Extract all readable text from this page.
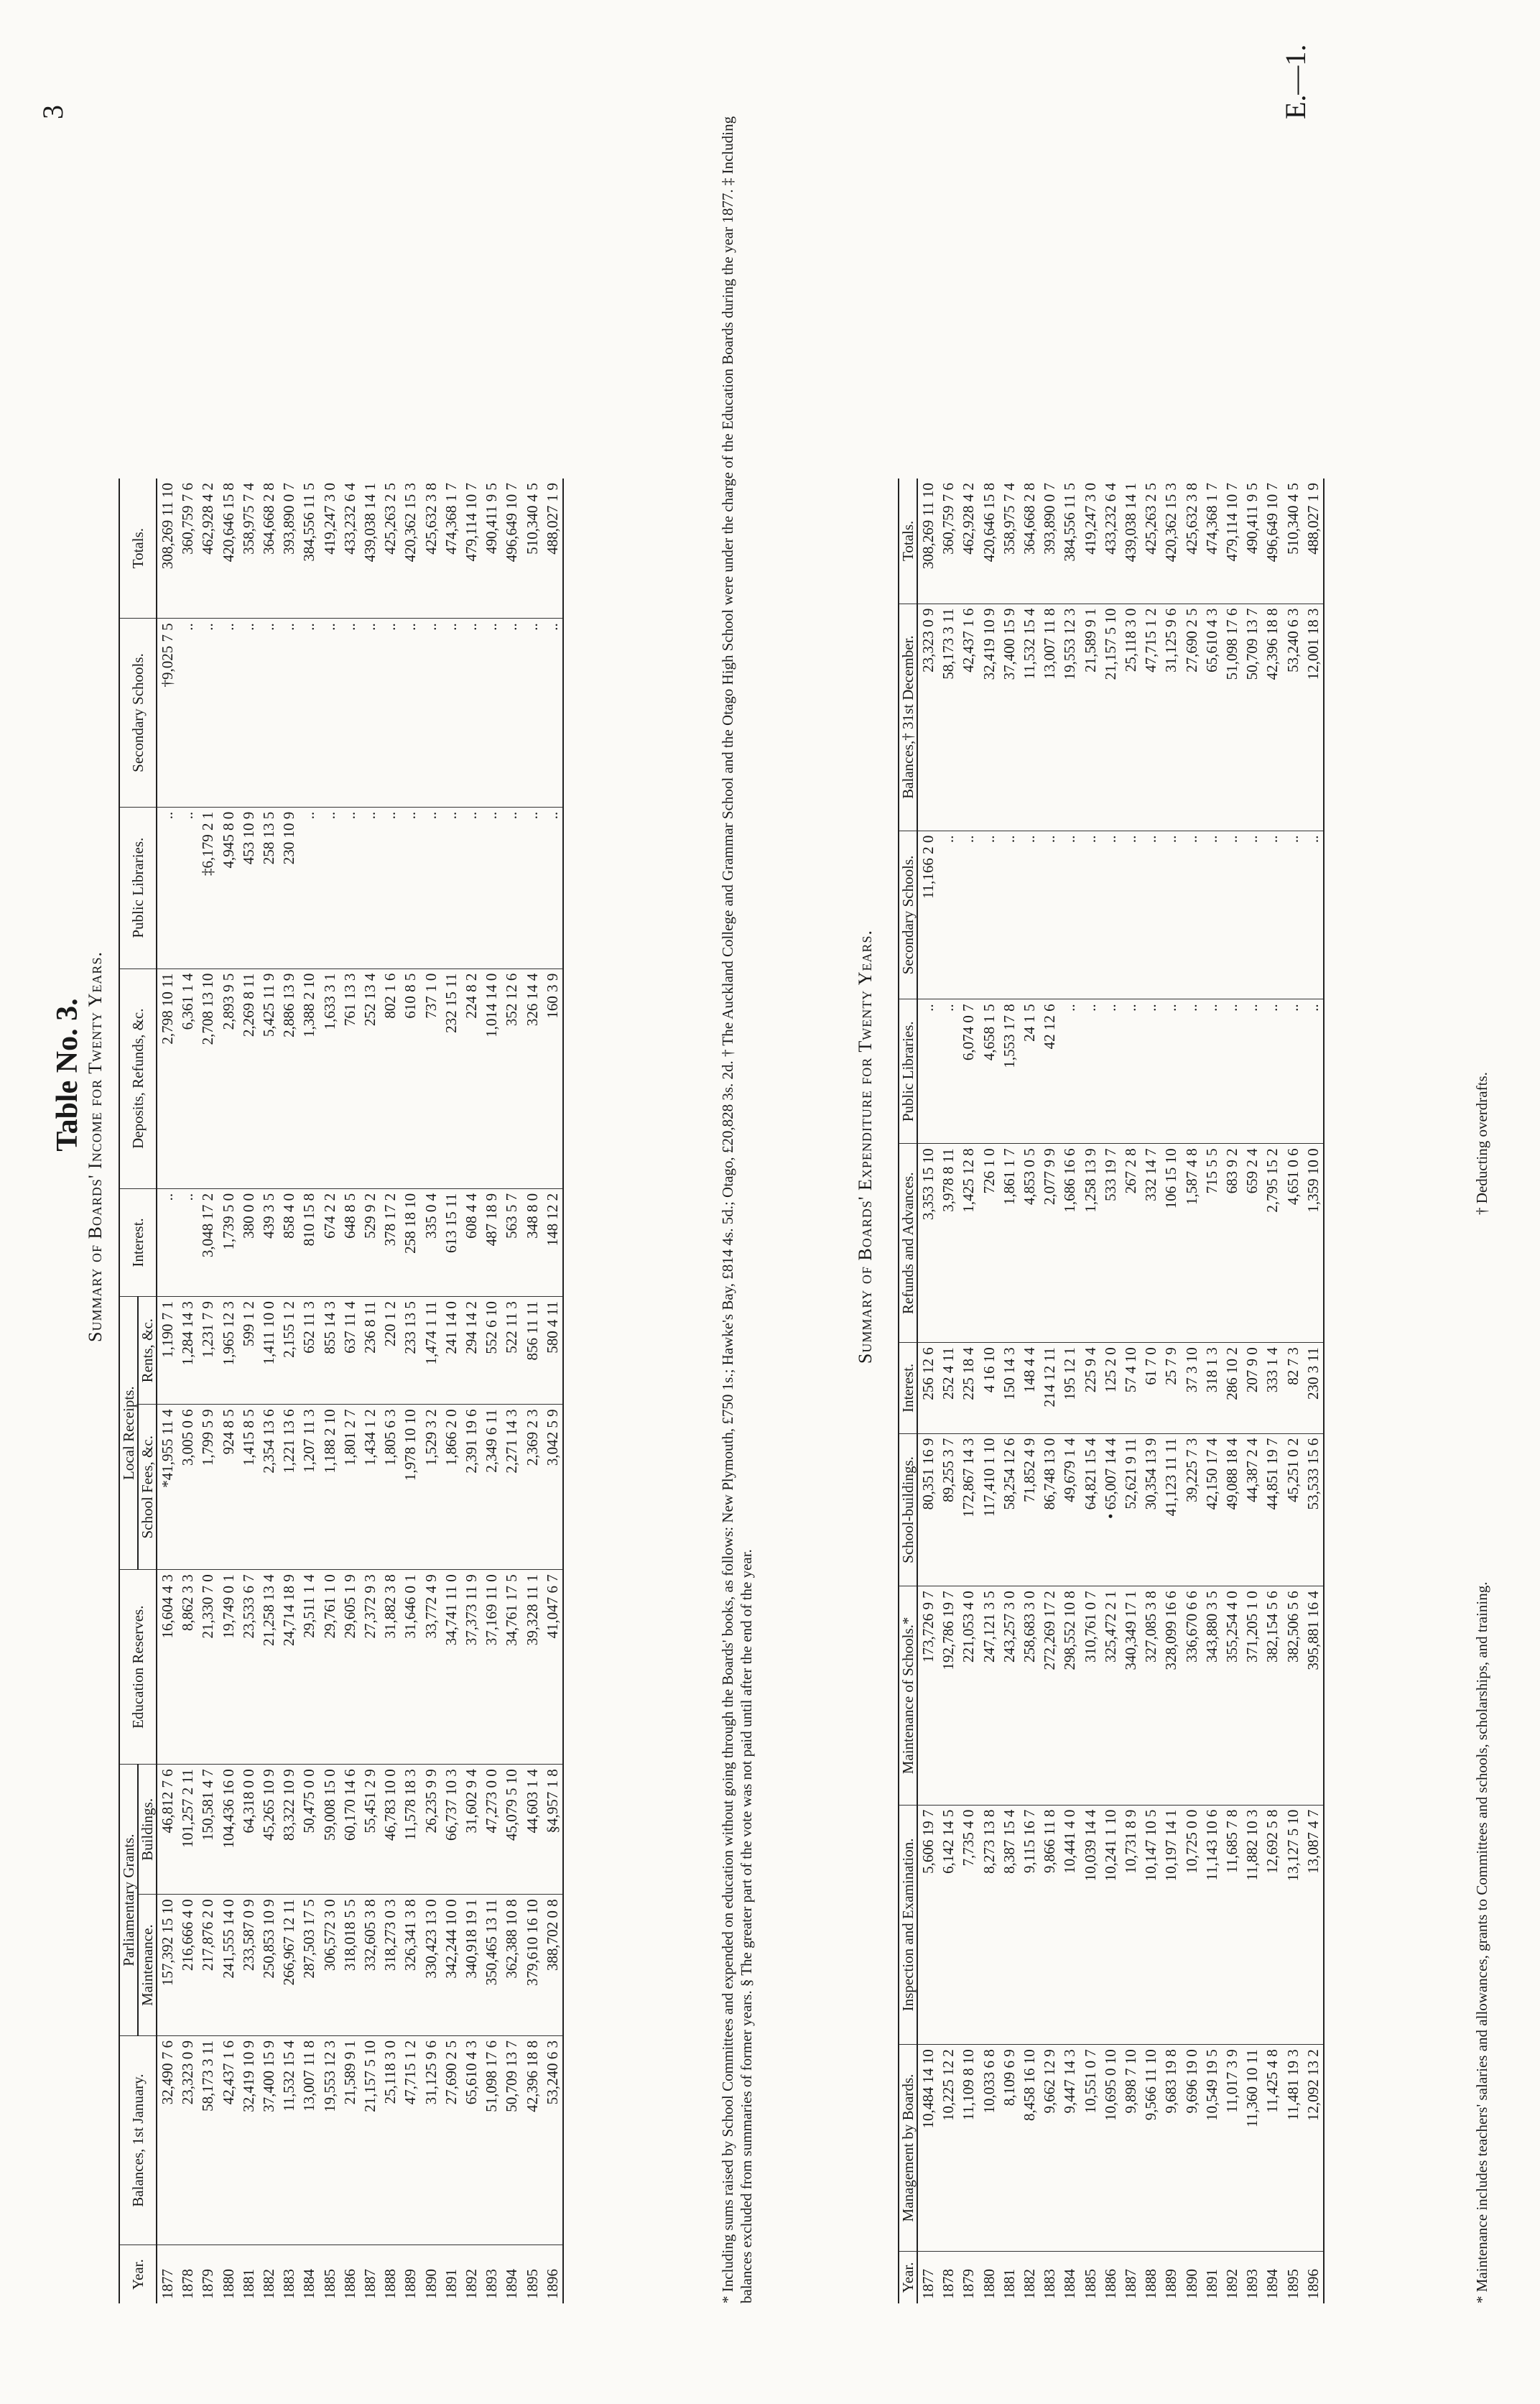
3	E.—1.
Table No. 3. Summary of Boards' Income for Twenty Years.
Year.	Balances, 1st January.	Parliamentary Grants.		Education Reserves.	Local Receipts.		Interest.	Deposits, Refunds, &c.	Public Libraries.	Secondary Schools.	Totals.
		Maintenance.	Buildings.		School Fees, &c.	Rents, &c.					
1877	32,490 7 6	157,392 15 10	46,812 7 6	16,604 4 3	*41,955 11 4	1,190 7 1	..	2,798 10 11	..	†9,025 7 5	308,269 11 10
1878	23,323 0 9	216,666 4 0	101,257 2 11	8,862 3 3	3,005 0 6	1,284 14 3	..	6,361 1 4	..	..	360,759 7 6
1879	58,173 3 11	217,876 2 0	150,581 4 7	21,330 7 0	1,799 5 9	1,231 7 9	3,048 17 2	2,708 13 10	‡6,179 2 1	..	462,928 4 2
1880	42,437 1 6	241,555 14 0	104,436 16 0	19,749 0 1	924 8 5	1,965 12 3	1,739 5 0	2,893 9 5	4,945 8 0	..	420,646 15 8
1881	32,419 10 9	233,587 0 9	64,318 0 0	23,533 6 7	1,415 8 5	599 1 2	380 0 0	2,269 8 11	453 10 9	..	358,975 7 4
1882	37,400 15 9	250,853 10 9	45,265 10 9	21,258 13 4	2,354 13 6	1,411 10 0	439 3 5	5,425 11 9	258 13 5	..	364,668 2 8
1883	11,532 15 4	266,967 12 11	83,322 10 9	24,714 18 9	1,221 13 6	2,155 1 2	858 4 0	2,886 13 9	230 10 9	..	393,890 0 7
1884	13,007 11 8	287,503 17 5	50,475 0 0	29,511 1 4	1,207 11 3	652 11 3	810 15 8	1,388 2 10	..	..	384,556 11 5
1885	19,553 12 3	306,572 3 0	59,008 15 0	29,761 1 0	1,188 2 10	855 14 3	674 2 2	1,633 3 1	..	..	419,247 3 0
1886	21,589 9 1	318,018 5 5	60,170 14 6	29,605 1 9	1,801 2 7	637 11 4	648 8 5	761 13 3	..	..	433,232 6 4
1887	21,157 5 10	332,605 3 8	55,451 2 9	27,372 9 3	1,434 1 2	236 8 11	529 9 2	252 13 4	..	..	439,038 14 1
1888	25,118 3 0	318,273 0 3	46,783 10 0	31,882 3 8	1,805 6 3	220 1 2	378 17 2	802 1 6	..	..	425,263 2 5
1889	47,715 1 2	326,341 3 8	11,578 18 3	31,646 0 1	1,978 10 10	233 13 5	258 18 10	610 8 5	..	..	420,362 15 3
1890	31,125 9 6	330,423 13 0	26,235 9 9	33,772 4 9	1,529 3 2	1,474 1 11	335 0 4	737 1 0	..	..	425,632 3 8
1891	27,690 2 5	342,244 10 0	66,737 10 3	34,741 11 0	1,866 2 0	241 14 0	613 15 11	232 15 11	..	..	474,368 1 7
1892	65,610 4 3	340,918 19 1	31,602 9 4	37,373 11 9	2,391 19 6	294 14 2	608 4 4	224 8 2	..	..	479,114 10 7
1893	51,098 17 6	350,465 13 11	47,273 0 0	37,169 11 0	2,349 6 11	552 6 10	487 18 9	1,014 14 0	..	..	490,411 9 5
1894	50,709 13 7	362,388 10 8	45,079 5 10	34,761 17 5	2,271 14 3	522 11 3	563 5 7	352 12 6	..	..	496,649 10 7
1895	42,396 18 8	379,610 16 10	44,603 1 4	39,328 11 1	2,369 2 3	856 11 11	348 8 0	326 14 4	..	..	510,340 4 5
1896	53,240 6 3	388,702 0 8	§4,957 1 8	41,047 6 7	3,042 5 9	580 4 11	148 12 2	160 3 9	..	..	488,027 1 9	* Including sums raised by School Committees and expended on education without going through the Boards' books, as follows: New Plymouth, £750 1s.; Hawke's Bay, £814 4s. 5d.; Otago, £20,828 3s. 2d. † The Auckland College and Grammar School and the Otago High School were under the charge of the Education Boards during the year 1877. ‡ Including balances excluded from summaries of former years. § The greater part of the vote was not paid until after the end of the year.
Summary of Boards' Expenditure for Twenty Years.
Year.	Management by Boards.	Inspection and Examination.	Maintenance of Schools.*	School-buildings.	Interest.	Refunds and Advances.	Public Libraries.	Secondary Schools.	Balances,† 31st December.	Totals.
1877	10,484 14 10	5,606 19 7	173,726 9 7	80,351 16 9	256 12 6	3,353 15 10	..	11,166 2 0	23,323 0 9	308,269 11 10
1878	10,225 12 2	6,142 14 5	192,786 19 7	89,255 3 7	252 4 11	3,978 8 11	..	..	58,173 3 11	360,759 7 6
1879	11,109 8 10	7,735 4 0	221,053 4 0	172,867 14 3	225 18 4	1,425 12 8	6,074 0 7	..	42,437 1 6	462,928 4 2
1880	10,033 6 8	8,273 13 8	247,121 3 5	117,410 1 10	4 16 10	726 1 0	4,658 1 5	..	32,419 10 9	420,646 15 8
1881	8,109 6 9	8,387 15 4	243,257 3 0	58,254 12 6	150 14 3	1,861 1 7	1,553 17 8	..	37,400 15 9	358,975 7 4
1882	8,458 16 10	9,115 16 7	258,683 3 0	71,852 4 9	148 4 4	4,853 0 5	24 1 5	..	11,532 15 4	364,668 2 8
1883	9,662 12 9	9,866 11 8	272,269 17 2	86,748 13 0	214 12 11	2,077 9 9	42 12 6	..	13,007 11 8	393,890 0 7
1884	9,447 14 3	10,441 4 0	298,552 10 8	49,679 1 4	195 12 1	1,686 16 6	..	..	19,553 12 3	384,556 11 5
1885	10,551 0 7	10,039 14 4	310,761 0 7	64,821 15 4	225 9 4	1,258 13 9	..	..	21,589 9 1	419,247 3 0
1886	10,695 0 10	10,241 1 10	325,472 2 1	• 65,007 14 4	125 2 0	533 19 7	..	..	21,157 5 10	433,232 6 4
1887	9,898 7 10	10,731 8 9	340,349 17 1	52,621 9 11	57 4 10	267 2 8	..	..	25,118 3 0	439,038 14 1
1888	9,566 11 10	10,147 10 5	327,085 3 8	30,354 13 9	61 7 0	332 14 7	..	..	47,715 1 2	425,263 2 5
1889	9,683 19 8	10,197 14 1	328,099 16 6	41,123 11 11	25 7 9	106 15 10	..	..	31,125 9 6	420,362 15 3
1890	9,696 19 0	10,725 0 0	336,670 6 6	39,225 7 3	37 3 10	1,587 4 8	..	..	27,690 2 5	425,632 3 8
1891	10,549 19 5	11,143 10 6	343,880 3 5	42,150 17 4	318 1 3	715 5 5	..	..	65,610 4 3	474,368 1 7
1892	11,017 3 9	11,685 7 8	355,254 4 0	49,088 18 4	286 10 2	683 9 2	..	..	51,098 17 6	479,114 10 7
1893	11,360 10 11	11,882 10 3	371,205 1 0	44,387 2 4	207 9 0	659 2 4	..	..	50,709 13 7	490,411 9 5
1894	11,425 4 8	12,692 5 8	382,154 5 6	44,851 19 7	333 1 4	2,795 15 2	..	..	42,396 18 8	496,649 10 7
1895	11,481 19 3	13,127 5 10	382,506 5 6	45,251 0 2	82 7 3	4,651 0 6	..	..	53,240 6 3	510,340 4 5
1896	12,092 13 2	13,087 4 7	395,881 16 4	53,533 15 6	230 3 11	1,359 10 0	..	..	12,001 18 3	488,027 1 9
* Maintenance includes teachers' salaries and allowances, grants to Committees and schools, scholarships, and training.  † Deducting overdrafts.
